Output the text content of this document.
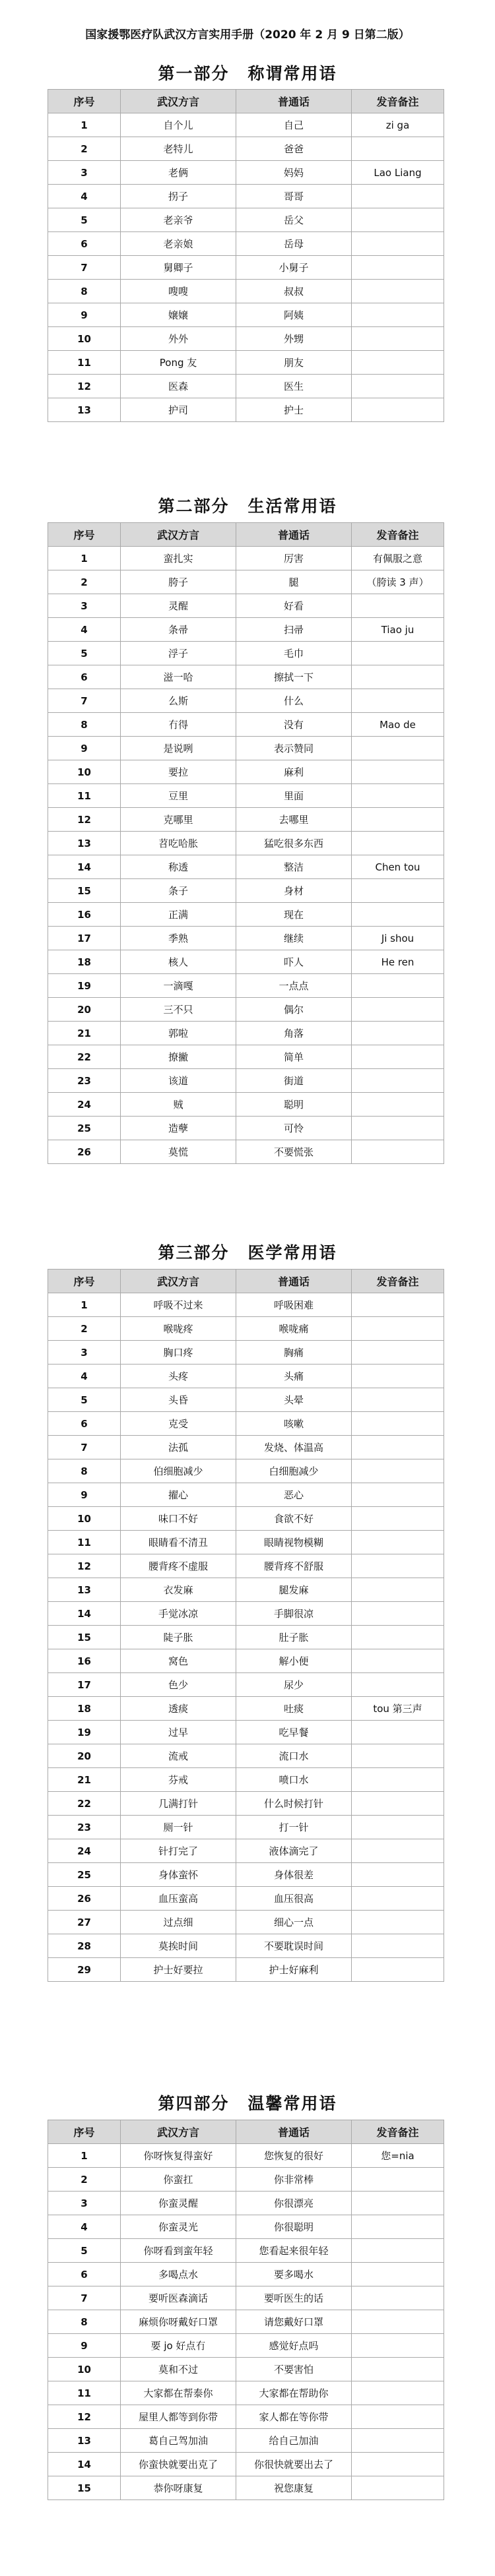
国家援鄂医疗队武汉方言实用手册（2020 年 2 月 9 日第二版）
第一部分 称谓常用语
序号	武汉方言	普通话	发音备注
1	自个儿	自己	zi ga
2	老特儿	爸爸	
3	老俩	妈妈	Lao Liang
4	拐子	哥哥	
5	老亲爷	岳父	
6	老亲娘	岳母	
7	舅卿子	小舅子	
8	嗖嗖	叔叔	
9	嬢嬢	阿姨	
10	外外	外甥	
11	Pong 友	朋友	
12	医森	医生	
13	护司	护士	
第二部分 生活常用语
序号	武汉方言	普通话	发音备注
1	蛮扎实	厉害	有佩服之意
2	胯子	腿	（胯读 3 声）
3	灵醒	好看	
4	条帚	扫帚	Tiao ju
5	浮子	毛巾	
6	滋一哈	擦拭一下	
7	么斯	什么	
8	冇得	没有	Mao de
9	是说咧	表示赞同	
10	要拉	麻利	
11	豆里	里面	
12	克哪里	去哪里	
13	苕吃哈胀	猛吃很多东西	
14	称透	整洁	Chen tou
15	条子	身材	
16	正满	现在	
17	季熟	继续	Ji shou
18	核人	吓人	He ren
19	一滴嘎	一点点	
20	三不只	偶尔	
21	郭啦	角落	
22	撩撇	简单	
23	该道	街道	
24	贼	聪明	
25	造孽	可怜	
26	莫慌	不要慌张	
第三部分 医学常用语
序号	武汉方言	普通话	发音备注
1	呼吸不过来	呼吸困难	
2	喉咙疼	喉咙痛	
3	胸口疼	胸痛	
4	头疼	头痛	
5	头昏	头晕	
6	克受	咳嗽	
7	法孤	发烧、体温高	
8	伯细胞减少	白细胞减少	
9	擢心	恶心	
10	味口不好	食欲不好	
11	眼睛看不清丑	眼睛视物模糊	
12	腰背疼不虚服	腰背疼不舒服	
13	衣发麻	腿发麻	
14	手觉冰凉	手脚很凉	
15	陡子胀	肚子胀	
16	窝色	解小便	
17	色少	尿少	
18	透痰	吐痰	tou 第三声
19	过早	吃早餐	
20	流戒	流口水	
21	芬戒	喷口水	
22	几满打针	什么时候打针	
23	厕一针	打一针	
24	针打完了	液体滴完了	
25	身体蛮怀	身体很差	
26	血压蛮高	血压很高	
27	过点细	细心一点	
28	莫挨时间	不要耽误时间	
29	护士好要拉	护士好麻利	
第四部分 温馨常用语
序号	武汉方言	普通话	发音备注
1	你呀恢复得蛮好	您恢复的很好	您=nia
2	你蛮扛	你非常棒	
3	你蛮灵醒	你很漂亮	
4	你蛮灵光	你很聪明	
5	你呀看到蛮年轻	您看起来很年轻	
6	多喝点水	要多喝水	
7	要听医森滴话	要听医生的话	
8	麻烦你呀戴好口罩	请您戴好口罩	
9	要 jo 好点冇	感觉好点吗	
10	莫和不过	不要害怕	
11	大家都在帮泰你	大家都在帮助你	
12	屋里人都等到你带	家人都在等你带	
13	葛自己驾加油	给自己加油	
14	你蛮快就要出克了	你很快就要出去了	
15	恭你呀康复	祝您康复	
